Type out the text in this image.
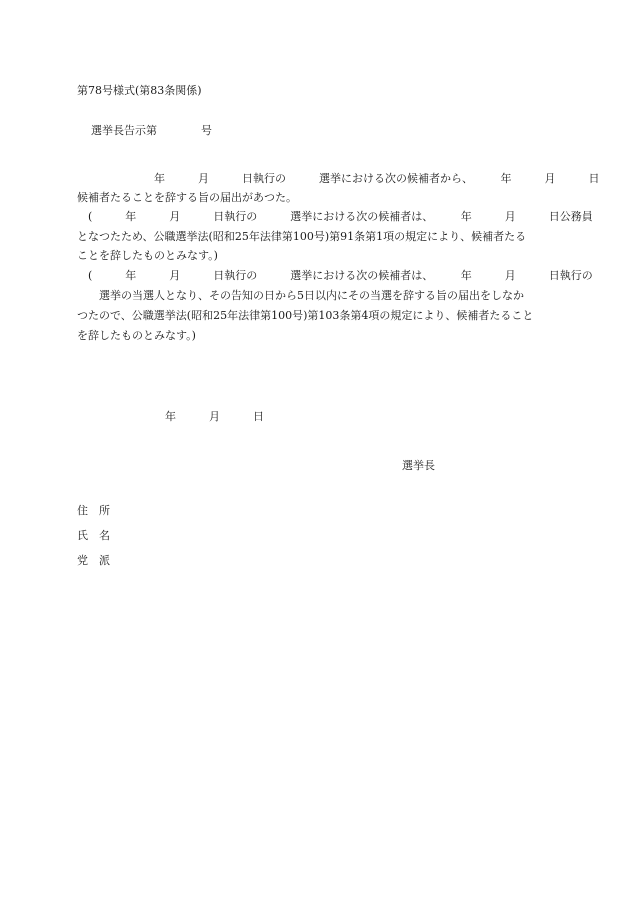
第78号様式(第83条関係)

選挙長告示第　　　　号

　　　　　　　年　　　月　　　日執行の　　　選挙における次の候補者から、　　　年　　　月　　　日

候補者たることを辞する旨の届出があつた。

　(　　　年　　　月　　　日執行の　　　選挙における次の候補者は、　　　年　　　月　　　日公務員

となつたため、公職選挙法(昭和25年法律第100号)第91条第1項の規定により、候補者たる

ことを辞したものとみなす。)

　(　　　年　　　月　　　日執行の　　　選挙における次の候補者は、　　　年　　　月　　　日執行の

　　選挙の当選人となり、その告知の日から5日以内にその当選を辞する旨の届出をしなか

つたので、公職選挙法(昭和25年法律第100号)第103条第4項の規定により、候補者たること

を辞したものとみなす。)

　　　　　　　　年　　　月　　　日

選挙長

住　所

氏　名

党　派
